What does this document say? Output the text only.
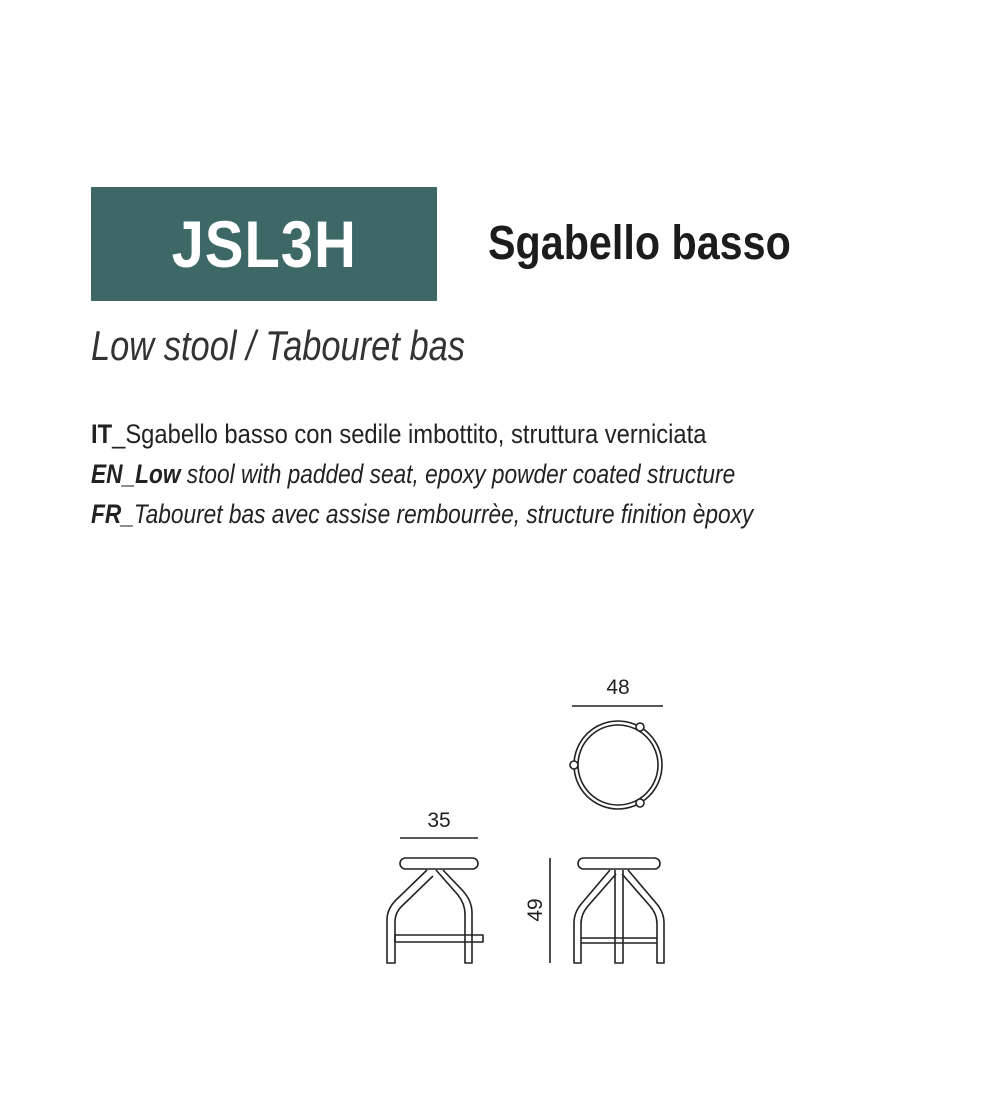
JSL3H	Sgabello basso
Low stool / Tabouret bas
IT_Sgabello basso con sedile imbottito, struttura verniciata
EN_Low stool with padded seat, epoxy powder coated structure
FR_Tabouret bas avec assise rembourrèe, structure finition èpoxy
48
35
49
